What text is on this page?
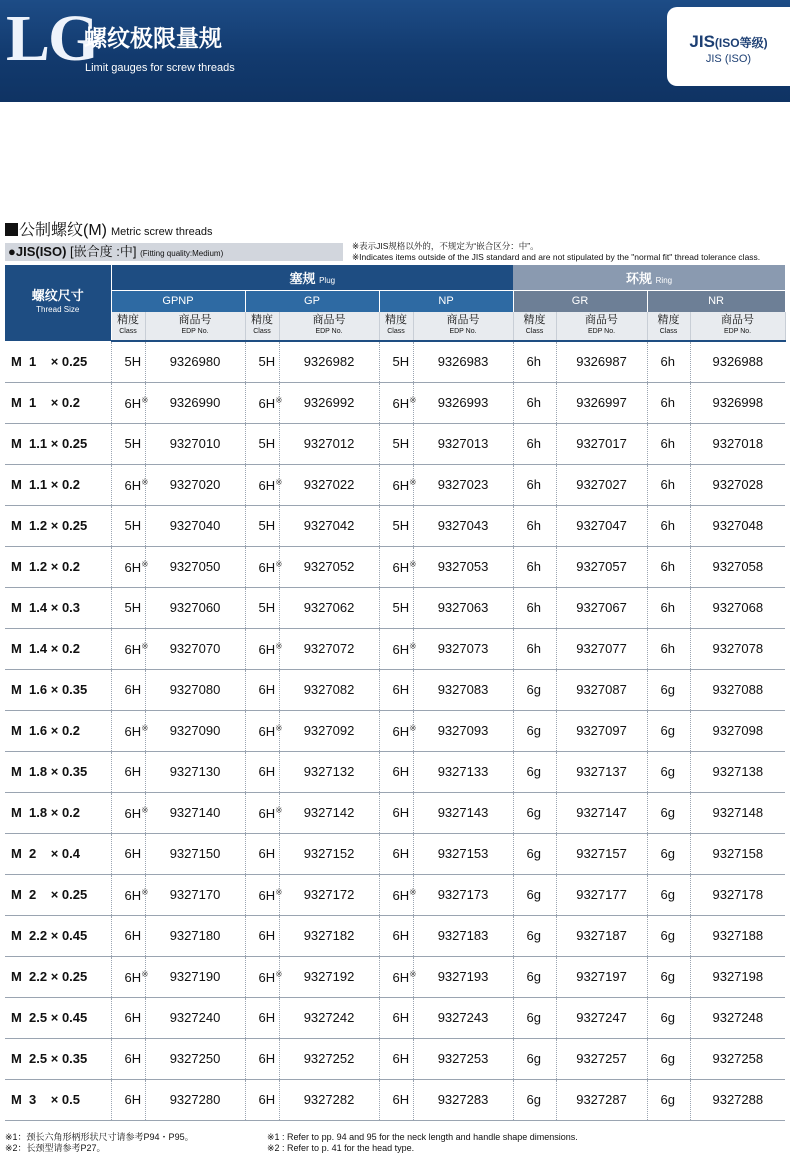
LG
螺纹极限量规
Limit gauges for screw threads
JIS(ISO等级)
JIS (ISO)
公制螺纹(M) Metric screw threads
●JIS(ISO) [嵌合度 :中] (Fitting quality:Medium)
※表示JIS规格以外的，不规定为“嵌合区分：中”。
※Indicates items outside of the JIS standard and are not stipulated by the "normal fit" thread tolerance class.
螺纹尺寸
Thread Size	塞规 Plug						环规 Ring			
	GPNP		GP		NP		GR		NR	

	精度
Class	商品号
EDP No.	精度
Class	商品号
EDP No.	精度
Class	商品号
EDP No.	精度
Class	商品号
EDP No.	精度
Class	商品号
EDP No.

M  1    × 0.25	5H	9326980	5H	9326982	5H	9326983	6h	9326987	6h	9326988
M  1    × 0.2	6H※	9326990	6H※	9326992	6H※	9326993	6h	9326997	6h	9326998
M  1.1 × 0.25	5H	9327010	5H	9327012	5H	9327013	6h	9327017	6h	9327018
M  1.1 × 0.2	6H※	9327020	6H※	9327022	6H※	9327023	6h	9327027	6h	9327028
M  1.2 × 0.25	5H	9327040	5H	9327042	5H	9327043	6h	9327047	6h	9327048
M  1.2 × 0.2	6H※	9327050	6H※	9327052	6H※	9327053	6h	9327057	6h	9327058
M  1.4 × 0.3	5H	9327060	5H	9327062	5H	9327063	6h	9327067	6h	9327068
M  1.4 × 0.2	6H※	9327070	6H※	9327072	6H※	9327073	6h	9327077	6h	9327078
M  1.6 × 0.35	6H	9327080	6H	9327082	6H	9327083	6g	9327087	6g	9327088
M  1.6 × 0.2	6H※	9327090	6H※	9327092	6H※	9327093	6g	9327097	6g	9327098
M  1.8 × 0.35	6H	9327130	6H	9327132	6H	9327133	6g	9327137	6g	9327138
M  1.8 × 0.2	6H※	9327140	6H※	9327142	6H	9327143	6g	9327147	6g	9327148
M  2    × 0.4	6H	9327150	6H	9327152	6H	9327153	6g	9327157	6g	9327158
M  2    × 0.25	6H※	9327170	6H※	9327172	6H※	9327173	6g	9327177	6g	9327178
M  2.2 × 0.45	6H	9327180	6H	9327182	6H	9327183	6g	9327187	6g	9327188
M  2.2 × 0.25	6H※	9327190	6H※	9327192	6H※	9327193	6g	9327197	6g	9327198
M  2.5 × 0.45	6H	9327240	6H	9327242	6H	9327243	6g	9327247	6g	9327248
M  2.5 × 0.35	6H	9327250	6H	9327252	6H	9327253	6g	9327257	6g	9327258
M  3    × 0.5	6H	9327280	6H	9327282	6H	9327283	6g	9327287	6g	9327288
※1：颈长六角形柄形状尺寸请参考P94・P95。
※2：长颈型请参考P27。
※1 : Refer to pp. 94 and 95 for the neck length and handle shape dimensions.
※2 : Refer to p. 41 for the head type.
